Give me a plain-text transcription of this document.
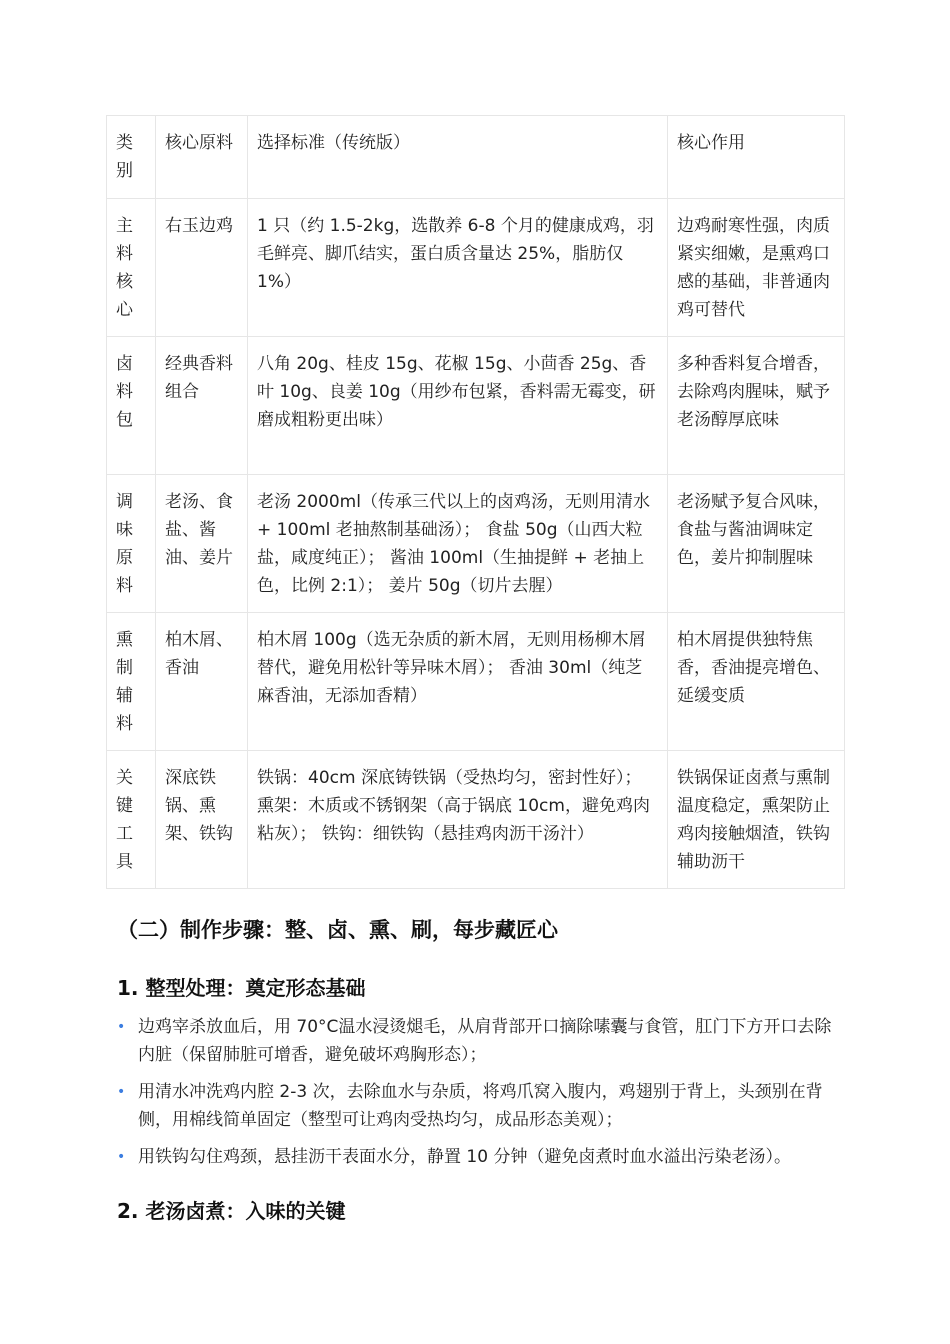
类别	核心原料	选择标准（传统版）	核心作用
主料核心	右玉边鸡	1 只（约 1.5-2kg，选散养 6-8 个月的健康成鸡，羽毛鲜亮、脚爪结实，蛋白质含量达 25%，脂肪仅 1%）	边鸡耐寒性强，肉质紧实细嫩，是熏鸡口感的基础，非普通肉鸡可替代
卤料包	经典香料组合	八角 20g、桂皮 15g、花椒 15g、小茴香 25g、香叶 10g、良姜 10g（用纱布包紧，香料需无霉变，研磨成粗粉更出味）	多种香料复合增香，去除鸡肉腥味，赋予老汤醇厚底味
调味原料	老汤、食盐、酱油、姜片	老汤 2000ml（传承三代以上的卤鸡汤，无则用清水 + 100ml 老抽熬制基础汤）； 食盐 50g（山西大粒盐，咸度纯正）； 酱油 100ml（生抽提鲜 + 老抽上色，比例 2:1）； 姜片 50g（切片去腥）	老汤赋予复合风味，食盐与酱油调味定色，姜片抑制腥味
熏制辅料	柏木屑、香油	柏木屑 100g（选无杂质的新木屑，无则用杨柳木屑替代，避免用松针等异味木屑）； 香油 30ml（纯芝麻香油，无添加香精）	柏木屑提供独特焦香，香油提亮增色、延缓变质
关键工具	深底铁锅、熏架、铁钩	铁锅：40cm 深底铸铁锅（受热均匀，密封性好）； 熏架：木质或不锈钢架（高于锅底 10cm，避免鸡肉粘灰）； 铁钩：细铁钩（悬挂鸡肉沥干汤汁）	铁锅保证卤煮与熏制温度稳定，熏架防止鸡肉接触烟渣，铁钩辅助沥干
（二）制作步骤：整、卤、熏、刷，每步藏匠心
1. 整型处理：奠定形态基础
• 边鸡宰杀放血后，用 70°C温水浸烫煺毛，从肩背部开口摘除嗉囊与食管，肛门下方开口去除内脏（保留肺脏可增香，避免破坏鸡胸形态）；
• 用清水冲洗鸡内腔 2-3 次，去除血水与杂质，将鸡爪窝入腹内，鸡翅别于背上，头颈别在背侧，用棉线简单固定（整型可让鸡肉受热均匀，成品形态美观）；
• 用铁钩勾住鸡颈，悬挂沥干表面水分，静置 10 分钟（避免卤煮时血水溢出污染老汤）。
2. 老汤卤煮：入味的关键
